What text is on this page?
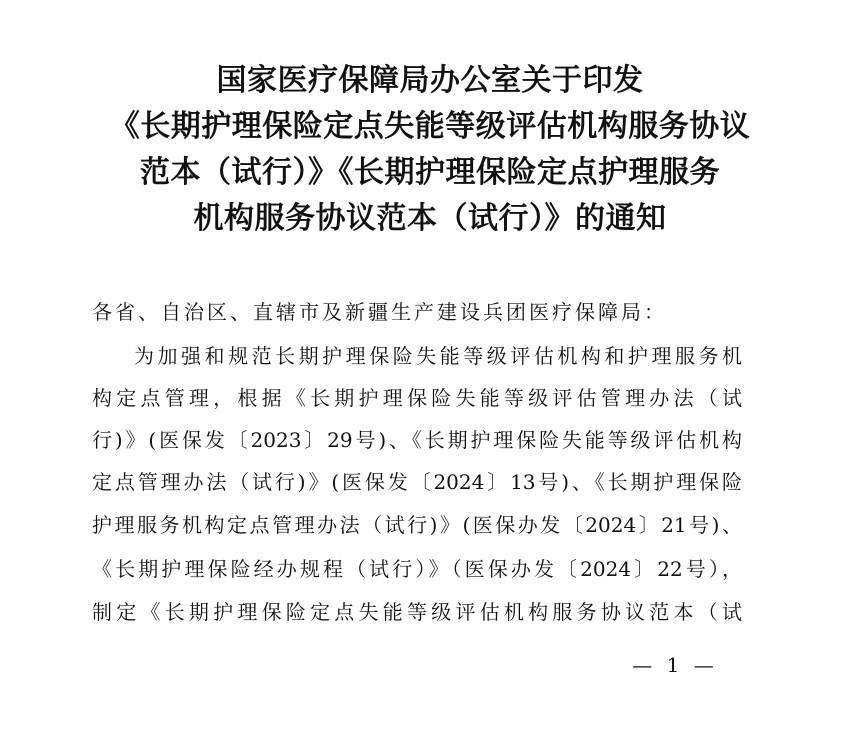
国家医疗保障局办公室关于印发
《长期护理保险定点失能等级评估机构服务协议
范本（试行）》《长期护理保险定点护理服务
机构服务协议范本（试行）》的通知
各省、自治区、直辖市及新疆生产建设兵团医疗保障局：
为加强和规范长期护理保险失能等级评估机构和护理服务机
构定点管理，根据《长期护理保险失能等级评估管理办法（试
行)》(医保发〔2023〕29号)、《长期护理保险失能等级评估机构
定点管理办法（试行)》(医保发〔2024〕13号)、《长期护理保险
护理服务机构定点管理办法（试行)》(医保办发〔2024〕21号)、
《长期护理保险经办规程（试行）》（医保办发〔2024〕22号），
制定《长期护理保险定点失能等级评估机构服务协议范本（试
— 1 —
